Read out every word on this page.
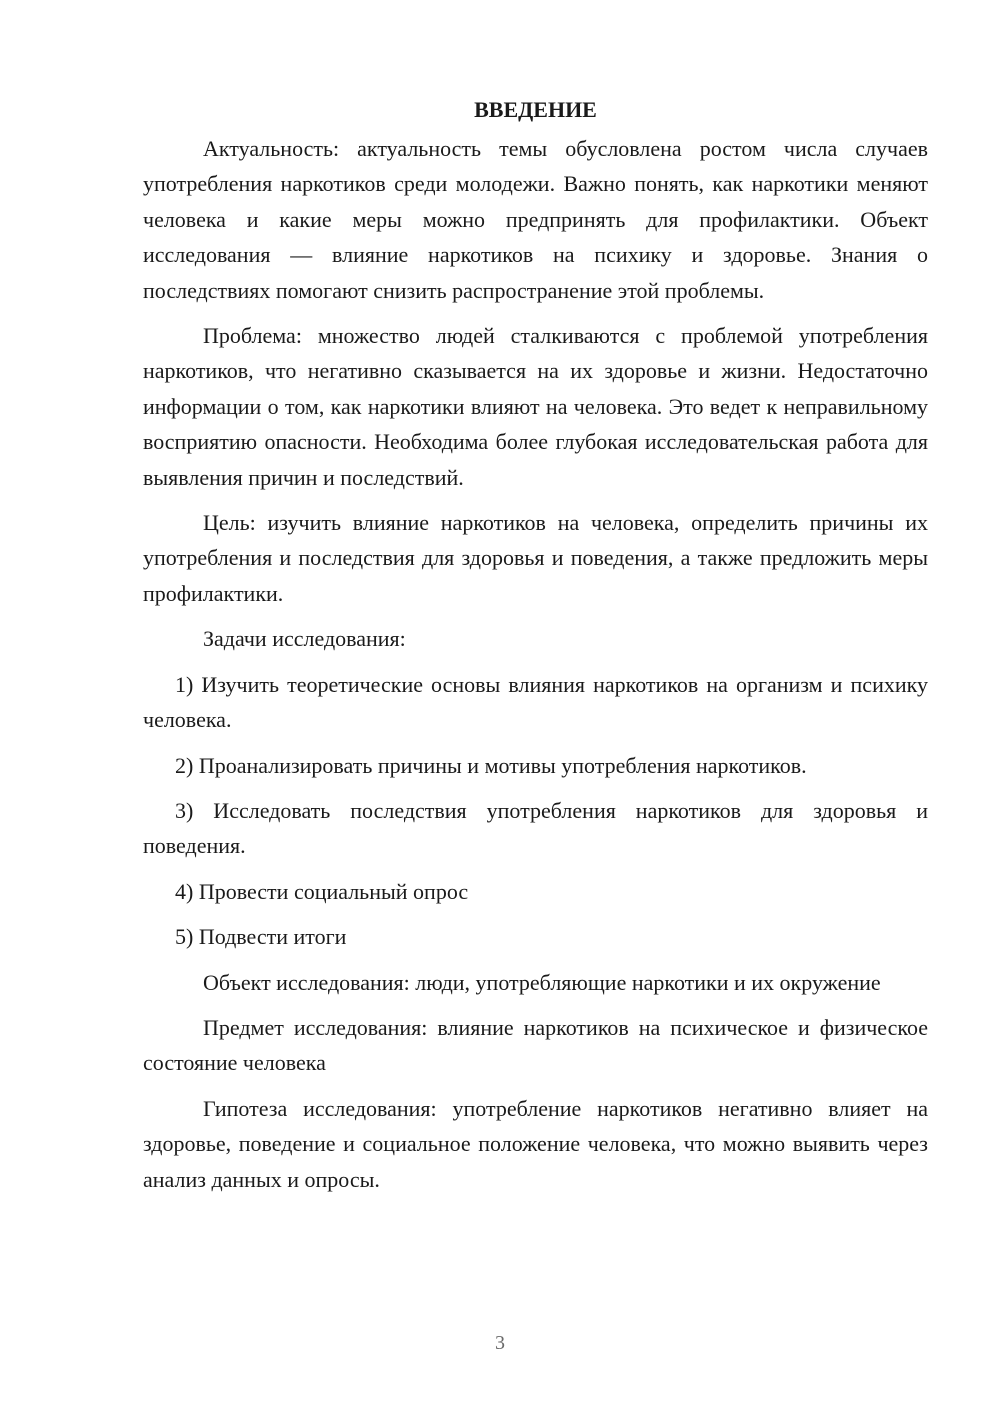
ВВЕДЕНИЕ

Актуальность: актуальность темы обусловлена ростом числа случаев употребления наркотиков среди молодежи. Важно понять, как наркотики меняют человека и какие меры можно предпринять для профилактики. Объект исследования — влияние наркотиков на психику и здоровье. Знания о последствиях помогают снизить распространение этой проблемы.

Проблема: множество людей сталкиваются с проблемой употребления наркотиков, что негативно сказывается на их здоровье и жизни. Недостаточно информации о том, как наркотики влияют на человека. Это ведет к неправильному восприятию опасности. Необходима более глубокая исследовательская работа для выявления причин и последствий.

Цель: изучить влияние наркотиков на человека, определить причины их употребления и последствия для здоровья и поведения, а также предложить меры профилактики.

Задачи исследования:

1) Изучить теоретические основы влияния наркотиков на организм и психику человека.

2) Проанализировать причины и мотивы употребления наркотиков.

3) Исследовать последствия употребления наркотиков для здоровья и поведения.

4) Провести социальный опрос

5) Подвести итоги

Объект исследования: люди, употребляющие наркотики и их окружение

Предмет исследования: влияние наркотиков на психическое и физическое состояние человека

Гипотеза исследования: употребление наркотиков негативно влияет на здоровье, поведение и социальное положение человека, что можно выявить через анализ данных и опросы.

3
